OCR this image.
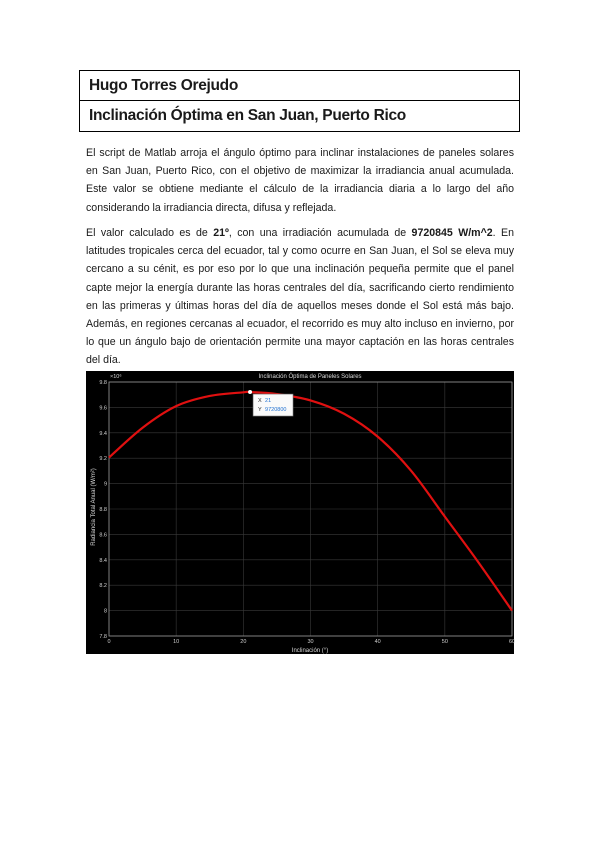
Hugo Torres Orejudo
Inclinación Óptima en San Juan, Puerto Rico

El script de Matlab arroja el ángulo óptimo para inclinar instalaciones de paneles solares en San Juan, Puerto Rico, con el objetivo de maximizar la irradiancia anual acumulada. Este valor se obtiene mediante el cálculo de la irradiancia diaria a lo largo del año considerando la irradiancia directa, difusa y reflejada.

El valor calculado es de 21º, con una irradiación acumulada de 9720845 W/m^2. En latitudes tropicales cerca del ecuador, tal y como ocurre en San Juan, el Sol se eleva muy cercano a su cénit, es por eso por lo que una inclinación pequeña permite que el panel capte mejor la energía durante las horas centrales del día, sacrificando cierto rendimiento en las primeras y últimas horas del día de aquellos meses donde el Sol está más bajo. Además, en regiones cercanas al ecuador, el recorrido es muy alto incluso en invierno, por lo que un ángulo bajo de orientación permite una mayor captación en las horas centrales del día.

0	10	20	30	40	50	60
7.8
8
8.2
8.4
8.6
8.8
9
9.2
9.4
9.6
9.8
Inclinación Óptima de Paneles Solares
×10⁶
Inclinación (°)
Radiancia Total Anual (W/m²)
X 21
Y 9720800
